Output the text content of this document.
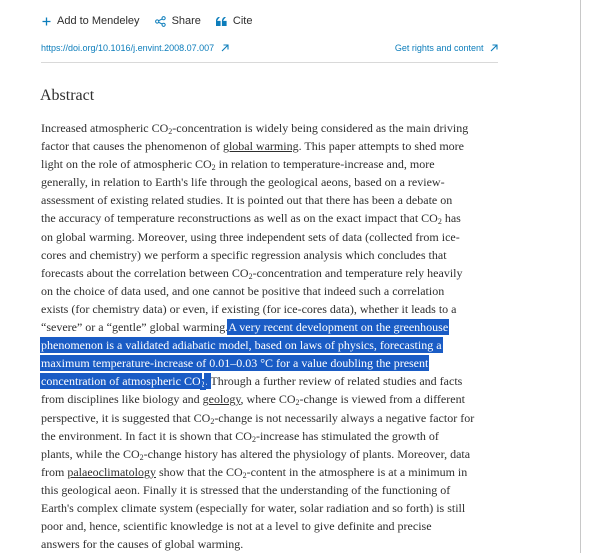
Add to Mendeley	Share	Cite
https://doi.org/10.1016/j.envint.2008.07.007	Get rights and content
Abstract
Increased atmospheric $CO_2$-concentration is widely being considered as the main driving
factor that causes the phenomenon of global warming. This paper attempts to shed more
light on the role of atmospheric $CO_2$ in relation to temperature-increase and, more
generally, in relation to Earth's life through the geological aeons, based on a review-
assessment of existing related studies. It is pointed out that there has been a debate on
the accuracy of temperature reconstructions as well as on the exact impact that $CO_2$ has
on global warming. Moreover, using three independent sets of data (collected from ice-
cores and chemistry) we perform a specific regression analysis which concludes that
forecasts about the correlation between $CO_2$-concentration and temperature rely heavily
on the choice of data used, and one cannot be positive that indeed such a correlation
exists (for chemistry data) or even, if existing (for ice-cores data), whether it leads to a
“severe” or a “gentle” global warming.A very recent development on the greenhouse
phenomenon is a validated adiabatic model, based on laws of physics, forecasting a
maximum temperature-increase of 0.01–0.03 °C for a value doubling the present
concentration of atmospheric $CO_2$. Through a further review of related studies and facts
from disciplines like biology and geology, where $CO_2$-change is viewed from a different
perspective, it is suggested that $CO_2$-change is not necessarily always a negative factor for
the environment. In fact it is shown that $CO_2$-increase has stimulated the growth of
plants, while the $CO_2$-change history has altered the physiology of plants. Moreover, data
from palaeoclimatology show that the $CO_2$-content in the atmosphere is at a minimum in
this geological aeon. Finally it is stressed that the understanding of the functioning of
Earth's complex climate system (especially for water, solar radiation and so forth) is still
poor and, hence, scientific knowledge is not at a level to give definite and precise
answers for the causes of global warming.
